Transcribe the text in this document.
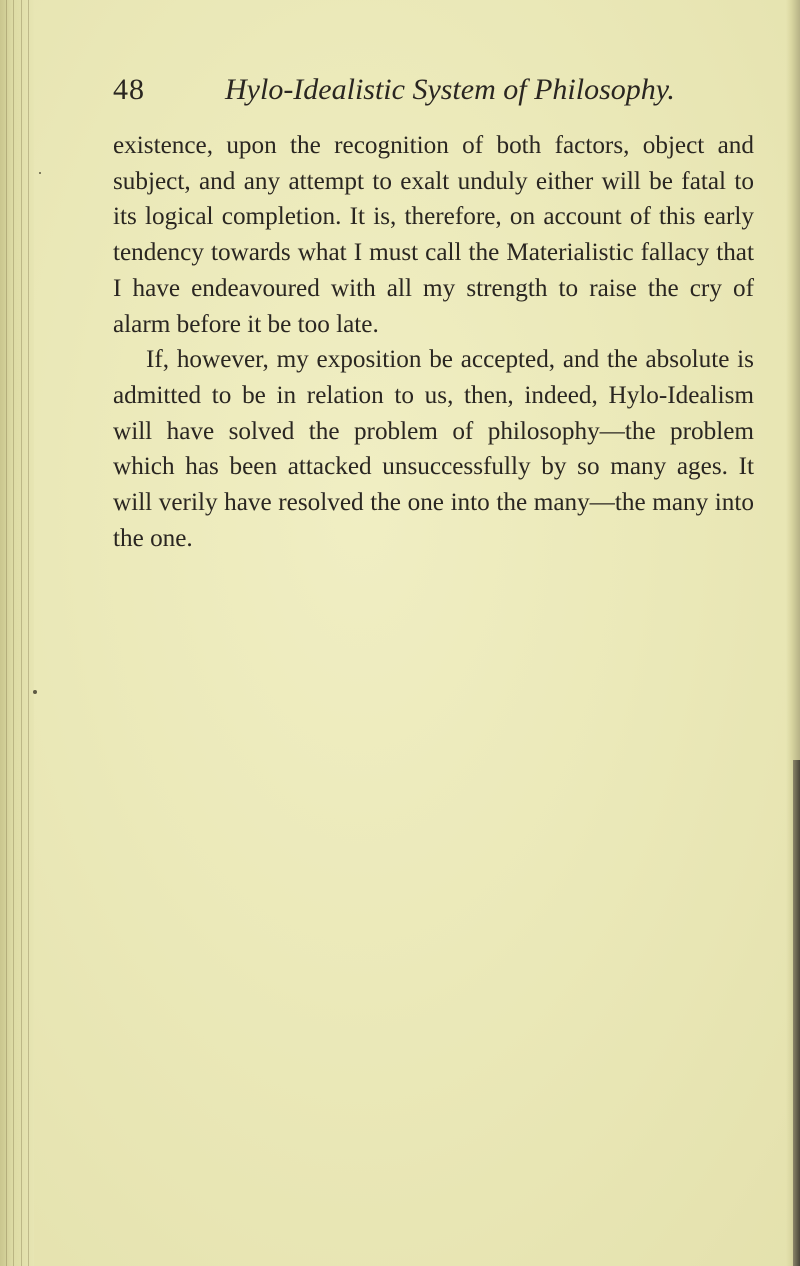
48	Hylo-Idealistic System of Philosophy.

existence, upon the recognition of both factors, object and subject, and any attempt to exalt unduly either will be fatal to its logical completion. It is, therefore, on account of this early tendency towards what I must call the Materialistic fallacy that I have endeavoured with all my strength to raise the cry of alarm before it be too late.

If, however, my exposition be accepted, and the absolute is admitted to be in relation to us, then, indeed, Hylo-Idealism will have solved the problem of philosophy—the problem which has been attacked unsuccessfully by so many ages. It will verily have resolved the one into the many—the many into the one.
